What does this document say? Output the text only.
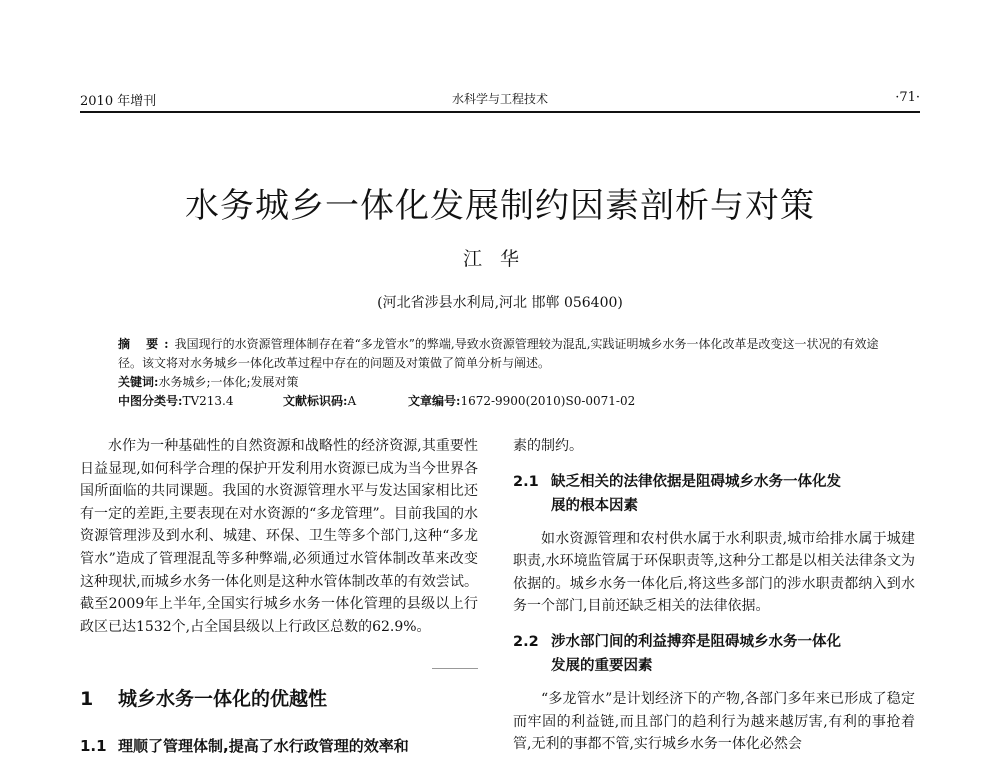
2010 年增刊	水科学与工程技术	·71·
水务城乡一体化发展制约因素剖析与对策
江华
(河北省涉县水利局,河北 邯郸 056400)
摘 要:我国现行的水资源管理体制存在着“多龙管水”的弊端,导致水资源管理较为混乱,实践证明城乡水务一体化改革是改变这一状况的有效途径。该文将对水务城乡一体化改革过程中存在的问题及对策做了简单分析与阐述。
关键词:水务城乡;一体化;发展对策
中图分类号:TV213.4	文献标识码:A	文章编号:1672-9900(2010)S0-0071-02

水作为一种基础性的自然资源和战略性的经济资源,其重要性日益显现,如何科学合理的保护开发利用水资源已成为当今世界各国所面临的共同课题。我国的水资源管理水平与发达国家相比还有一定的差距,主要表现在对水资源的“多龙管理”。目前我国的水资源管理涉及到水利、城建、环保、卫生等多个部门,这种“多龙管水”造成了管理混乱等多种弊端,必须通过水管体制改革来改变这种现状,而城乡水务一体化则是这种水管体制改革的有效尝试。截至2009年上半年,全国实行城乡水务一体化管理的县级以上行政区已达1532个,占全国县级以上行政区总数的62.9%。

1 城乡水务一体化的优越性
1.1 理顺了管理体制,提高了水行政管理的效率和

素的制约。

2.1 缺乏相关的法律依据是阻碍城乡水务一体化发
展的根本因素

如水资源管理和农村供水属于水利职责,城市给排水属于城建职责,水环境监管属于环保职责等,这种分工都是以相关法律条文为依据的。城乡水务一体化后,将这些多部门的涉水职责都纳入到水务一个部门,目前还缺乏相关的法律依据。

2.2 涉水部门间的利益搏弈是阻碍城乡水务一体化
发展的重要因素

“多龙管水”是计划经济下的产物,各部门多年来已形成了稳定而牢固的利益链,而且部门的趋利行为越来越厉害,有利的事抢着管,无利的事都不管,实行城乡水务一体化必然会
